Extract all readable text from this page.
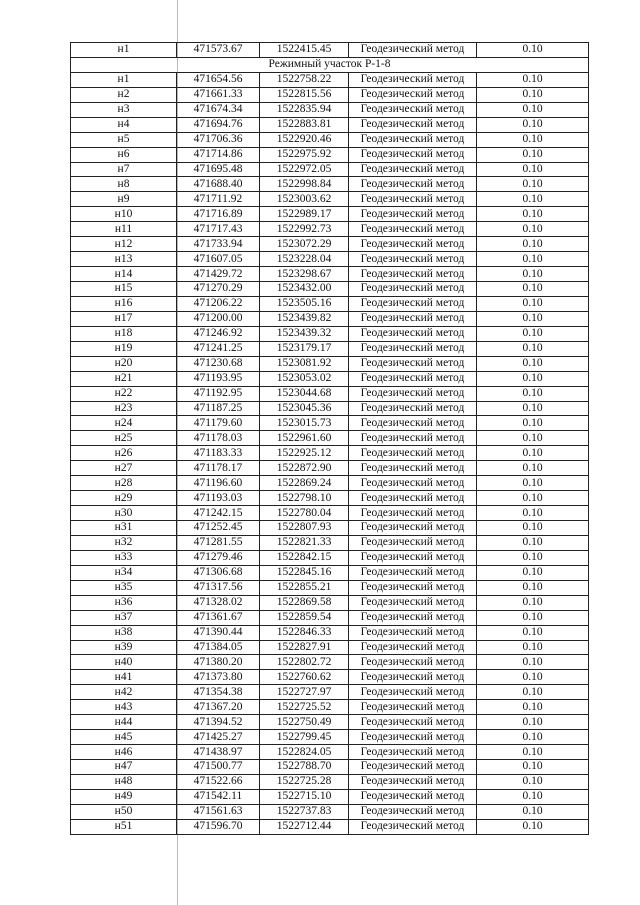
н1	471573.67	1522415.45	Геодезический метод	0.10
Режимный участок Р-1-8				
н1	471654.56	1522758.22	Геодезический метод	0.10
н2	471661.33	1522815.56	Геодезический метод	0.10
н3	471674.34	1522835.94	Геодезический метод	0.10
н4	471694.76	1522883.81	Геодезический метод	0.10
н5	471706.36	1522920.46	Геодезический метод	0.10
н6	471714.86	1522975.92	Геодезический метод	0.10
н7	471695.48	1522972.05	Геодезический метод	0.10
н8	471688.40	1522998.84	Геодезический метод	0.10
н9	471711.92	1523003.62	Геодезический метод	0.10
н10	471716.89	1522989.17	Геодезический метод	0.10
н11	471717.43	1522992.73	Геодезический метод	0.10
н12	471733.94	1523072.29	Геодезический метод	0.10
н13	471607.05	1523228.04	Геодезический метод	0.10
н14	471429.72	1523298.67	Геодезический метод	0.10
н15	471270.29	1523432.00	Геодезический метод	0.10
н16	471206.22	1523505.16	Геодезический метод	0.10
н17	471200.00	1523439.82	Геодезический метод	0.10
н18	471246.92	1523439.32	Геодезический метод	0.10
н19	471241.25	1523179.17	Геодезический метод	0.10
н20	471230.68	1523081.92	Геодезический метод	0.10
н21	471193.95	1523053.02	Геодезический метод	0.10
н22	471192.95	1523044.68	Геодезический метод	0.10
н23	471187.25	1523045.36	Геодезический метод	0.10
н24	471179.60	1523015.73	Геодезический метод	0.10
н25	471178.03	1522961.60	Геодезический метод	0.10
н26	471183.33	1522925.12	Геодезический метод	0.10
н27	471178.17	1522872.90	Геодезический метод	0.10
н28	471196.60	1522869.24	Геодезический метод	0.10
н29	471193.03	1522798.10	Геодезический метод	0.10
н30	471242.15	1522780.04	Геодезический метод	0.10
н31	471252.45	1522807.93	Геодезический метод	0.10
н32	471281.55	1522821.33	Геодезический метод	0.10
н33	471279.46	1522842.15	Геодезический метод	0.10
н34	471306.68	1522845.16	Геодезический метод	0.10
н35	471317.56	1522855.21	Геодезический метод	0.10
н36	471328.02	1522869.58	Геодезический метод	0.10
н37	471361.67	1522859.54	Геодезический метод	0.10
н38	471390.44	1522846.33	Геодезический метод	0.10
н39	471384.05	1522827.91	Геодезический метод	0.10
н40	471380.20	1522802.72	Геодезический метод	0.10
н41	471373.80	1522760.62	Геодезический метод	0.10
н42	471354.38	1522727.97	Геодезический метод	0.10
н43	471367.20	1522725.52	Геодезический метод	0.10
н44	471394.52	1522750.49	Геодезический метод	0.10
н45	471425.27	1522799.45	Геодезический метод	0.10
н46	471438.97	1522824.05	Геодезический метод	0.10
н47	471500.77	1522788.70	Геодезический метод	0.10
н48	471522.66	1522725.28	Геодезический метод	0.10
н49	471542.11	1522715.10	Геодезический метод	0.10
н50	471561.63	1522737.83	Геодезический метод	0.10
н51	471596.70	1522712.44	Геодезический метод	0.10
